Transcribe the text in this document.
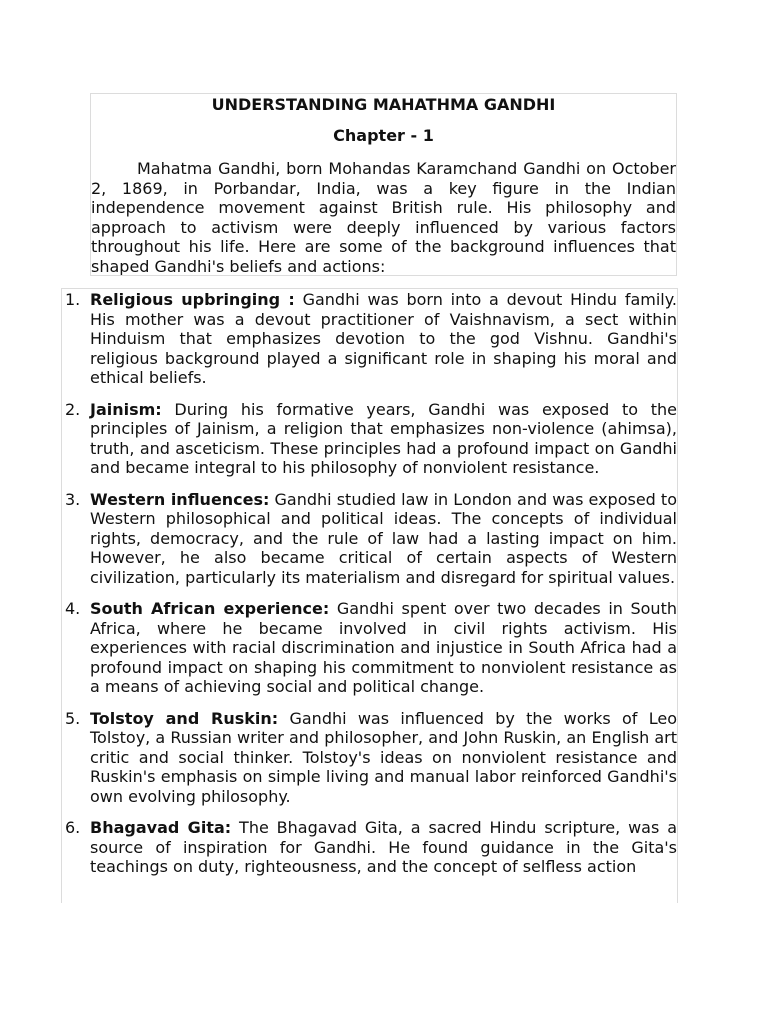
UNDERSTANDING MAHATHMA GANDHI
Chapter - 1

Mahatma Gandhi, born Mohandas Karamchand Gandhi on October 2, 1869, in Porbandar, India, was a key figure in the Indian independence movement against British rule. His philosophy and approach to activism were deeply influenced by various factors throughout his life. Here are some of the background influences that shaped Gandhi's beliefs and actions:

1. Religious upbringing : Gandhi was born into a devout Hindu family. His mother was a devout practitioner of Vaishnavism, a sect within Hinduism that emphasizes devotion to the god Vishnu. Gandhi's religious background played a significant role in shaping his moral and ethical beliefs.
2. Jainism: During his formative years, Gandhi was exposed to the principles of Jainism, a religion that emphasizes non-violence (ahimsa), truth, and asceticism. These principles had a profound impact on Gandhi and became integral to his philosophy of nonviolent resistance.
3. Western influences: Gandhi studied law in London and was exposed to Western philosophical and political ideas. The concepts of individual rights, democracy, and the rule of law had a lasting impact on him. However, he also became critical of certain aspects of Western civilization, particularly its materialism and disregard for spiritual values.
4. South African experience: Gandhi spent over two decades in South Africa, where he became involved in civil rights activism. His experiences with racial discrimination and injustice in South Africa had a profound impact on shaping his commitment to nonviolent resistance as a means of achieving social and political change.
5. Tolstoy and Ruskin: Gandhi was influenced by the works of Leo Tolstoy, a Russian writer and philosopher, and John Ruskin, an English art critic and social thinker. Tolstoy's ideas on nonviolent resistance and Ruskin's emphasis on simple living and manual labor reinforced Gandhi's own evolving philosophy.
6. Bhagavad Gita: The Bhagavad Gita, a sacred Hindu scripture, was a source of inspiration for Gandhi. He found guidance in the Gita's teachings on duty, righteousness, and the concept of selfless action
